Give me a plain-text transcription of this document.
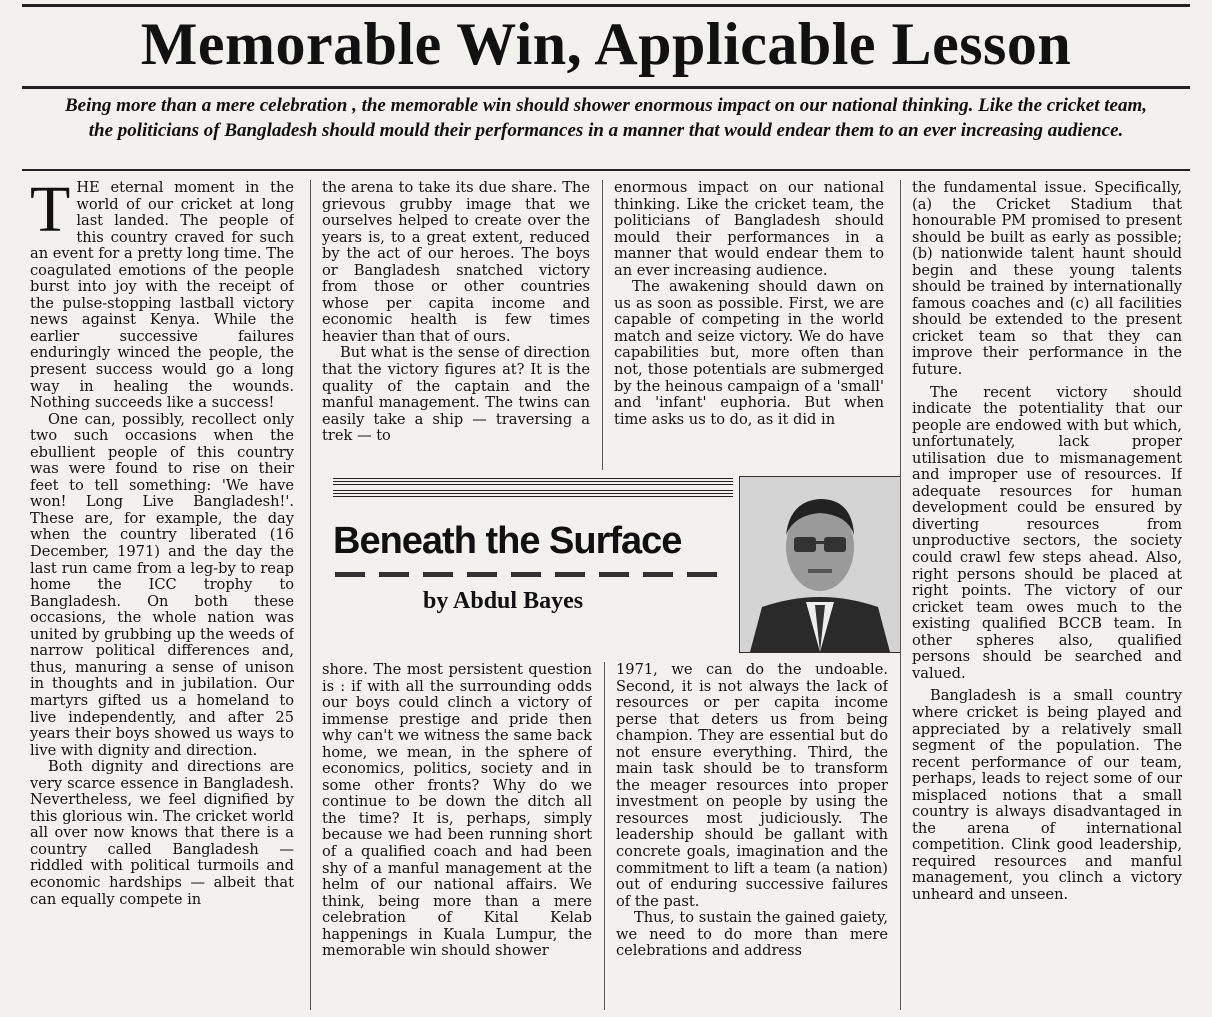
Memorable Win, Applicable Lesson
Being more than a mere celebration , the memorable win should shower enormous impact on our national thinking. Like the cricket team, the politicians of Bangladesh should mould their performances in a manner that would endear them to an ever increasing audience.
T HE eternal moment in the world of our cricket at long last landed. The people of this country craved for such an event for a pretty long time. The coagulated emotions of the people burst into joy with the receipt of the pulse-stopping lastball victory news against Kenya. While the earlier successive failures enduringly winced the people, the present success would go a long way in healing the wounds. Nothing succeeds like a success!

One can, possibly, recollect only two such occasions when the ebullient people of this country was were found to rise on their feet to tell something: 'We have won! Long Live Bangladesh!'. These are, for example, the day when the country liberated (16 December, 1971) and the day the last run came from a leg-by to reap home the ICC trophy to Bangladesh. On both these occasions, the whole nation was united by grubbing up the weeds of narrow political differences and, thus, manuring a sense of unison in thoughts and in jubilation. Our martyrs gifted us a homeland to live independently, and after 25 years their boys showed us ways to live with dignity and direction.

Both dignity and directions are very scarce essence in Bangladesh. Nevertheless, we feel dignified by this glorious win. The cricket world all over now knows that there is a country called Bangladesh — riddled with political turmoils and economic hardships — albeit that can equally compete in

the arena to take its due share. The grievous grubby image that we ourselves helped to create over the years is, to a great extent, reduced by the act of our heroes. The boys or Bangladesh snatched victory from those or other countries whose per capita income and economic health is few times heavier than that of ours.

But what is the sense of direction that the victory figures at? It is the quality of the captain and the manful management. The twins can easily take a ship — traversing a trek — to

enormous impact on our national thinking. Like the cricket team, the politicians of Bangladesh should mould their performances in a manner that would endear them to an ever increasing audience.

The awakening should dawn on us as soon as possible. First, we are capable of competing in the world match and seize victory. We do have capabilities but, more often than not, those potentials are submerged by the heinous campaign of a 'small' and 'infant' euphoria. But when time asks us to do, as it did in

Beneath the Surface
by Abdul Bayes

shore. The most persistent question is : if with all the surrounding odds our boys could clinch a victory of immense prestige and pride then why can't we witness the same back home, we mean, in the sphere of economics, politics, society and in some other fronts? Why do we continue to be down the ditch all the time? It is, perhaps, simply because we had been running short of a qualified coach and had been shy of a manful management at the helm of our national affairs. We think, being more than a mere celebration of Kital Kelab happenings in Kuala Lumpur, the memorable win should shower

1971, we can do the undoable. Second, it is not always the lack of resources or per capita income perse that deters us from being champion. They are essential but do not ensure everything. Third, the main task should be to transform the meager resources into proper investment on people by using the resources most judiciously. The leadership should be gallant with concrete goals, imagination and the commitment to lift a team (a nation) out of enduring successive failures of the past.

Thus, to sustain the gained gaiety, we need to do more than mere celebrations and address

the fundamental issue. Specifically, (a) the Cricket Stadium that honourable PM promised to present should be built as early as possible; (b) nationwide talent haunt should begin and these young talents should be trained by internationally famous coaches and (c) all facilities should be extended to the present cricket team so that they can improve their performance in the future.

The recent victory should indicate the potentiality that our people are endowed with but which, unfortunately, lack proper utilisation due to mismanagement and improper use of resources. If adequate resources for human development could be ensured by diverting resources from unproductive sectors, the society could crawl few steps ahead. Also, right persons should be placed at right points. The victory of our cricket team owes much to the existing qualified BCCB team. In other spheres also, qualified persons should be searched and valued.

Bangladesh is a small country where cricket is being played and appreciated by a relatively small segment of the population. The recent performance of our team, perhaps, leads to reject some of our misplaced notions that a small country is always disadvantaged in the arena of international competition. Clink good leadership, required resources and manful management, you clinch a victory unheard and unseen.
